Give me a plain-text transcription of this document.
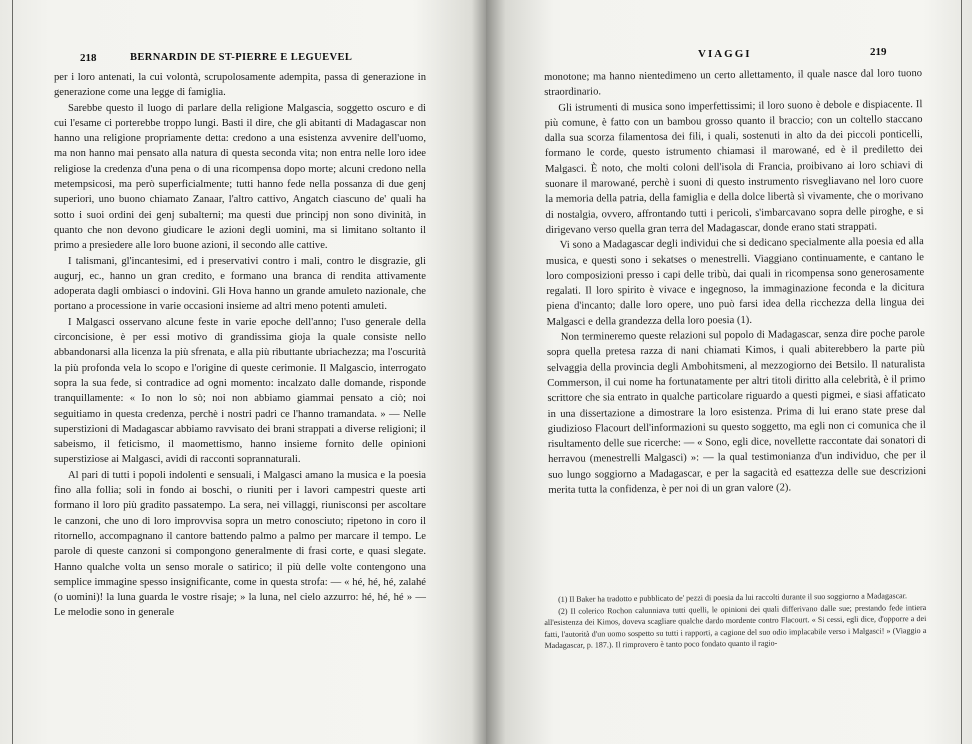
218	BERNARDIN DE ST-PIERRE E LEGUEVEL

per i loro antenati, la cui volontà, scrupolosamente adempita, passa di generazione in generazione come una legge di famiglia.

Sarebbe questo il luogo di parlare della religione Malgascia, soggetto oscuro e di cui l'esame ci porterebbe troppo lungi. Basti il dire, che gli abitanti di Madagascar non hanno una religione propriamente detta: credono a una esistenza avvenire dell'uomo, ma non hanno mai pensato alla natura di questa seconda vita; non entra nelle loro idee religiose la credenza d'una pena o di una ricompensa dopo morte; alcuni credono nella metempsicosi, ma però superficialmente; tutti hanno fede nella possanza di due genj superiori, uno buono chiamato Zanaar, l'altro cattivo, Angatch ciascuno de' quali ha sotto i suoi ordini dei genj subalterni; ma questi due principj non sono divinità, in quanto che non devono giudicare le azioni degli uomini, ma si limitano soltanto il primo a presiedere alle loro buone azioni, il secondo alle cattive.

I talismani, gl'incantesimi, ed i preservativi contro i mali, contro le disgrazie, gli augurj, ec., hanno un gran credito, e formano una branca di rendita attivamente adoperata dagli ombiasci o indovini. Gli Hova hanno un grande amuleto nazionale, che portano a processione in varie occasioni insieme ad altri meno potenti amuleti.

I Malgasci osservano alcune feste in varie epoche dell'anno; l'uso generale della circoncisione, è per essi motivo di grandissima gioja la quale consiste nello abbandonarsi alla licenza la più sfrenata, e alla più ributtante ubriachezza; ma l'oscurità la più profonda vela lo scopo e l'origine di queste cerimonie. Il Malgascio, interrogato sopra la sua fede, si contradice ad ogni momento: incalzato dalle domande, risponde tranquillamente: « Io non lo sò; noi non abbiamo giammai pensato a ciò; noi seguitiamo in questa credenza, perchè i nostri padri ce l'hanno tramandata. » — Nelle superstizioni di Madagascar abbiamo ravvisato dei brani strappati a diverse religioni; il sabeismo, il feticismo, il maomettismo, hanno insieme fornito delle opinioni superstiziose ai Malgasci, avidi di racconti soprannaturali.

Al pari di tutti i popoli indolenti e sensuali, i Malgasci amano la musica e la poesia fino alla follia; soli in fondo ai boschi, o riuniti per i lavori campestri queste arti formano il loro più gradito passatempo. La sera, nei villaggi, riunisconsi per ascoltare le canzoni, che uno di loro improvvisa sopra un metro conosciuto; ripetono in coro il ritornello, accompagnano il cantore battendo palmo a palmo per marcare il tempo. Le parole di queste canzoni si compongono generalmente di frasi corte, e quasi slegate. Hanno qualche volta un senso morale o satirico; il più delle volte contengono una semplice immagine spesso insignificante, come in questa strofa: — « hé, hé, hé, zalahé (o uomini)! la luna guarda le vostre risaje; » la luna, nel cielo azzurro: hé, hé, hé » — Le melodie sono in generale

VIAGGI	219

monotone; ma hanno nientedimeno un certo allettamento, il quale nasce dal loro tuono straordinario.

Gli istrumenti di musica sono imperfettissimi; il loro suono è debole e dispiacente. Il più comune, è fatto con un bambou grosso quanto il braccio; con un coltello staccano dalla sua scorza filamentosa dei fili, i quali, sostenuti in alto da dei piccoli ponticelli, formano le corde, questo istrumento chiamasi il marowané, ed è il prediletto dei Malgasci. È noto, che molti coloni dell'isola di Francia, proibivano ai loro schiavi di suonare il marowané, perchè i suoni di questo instrumento risvegliavano nel loro cuore la memoria della patria, della famiglia e della dolce libertà sì vivamente, che o morivano di nostalgia, ovvero, affrontando tutti i pericoli, s'imbarcavano sopra delle piroghe, e si dirigevano verso quella gran terra del Madagascar, donde erano stati strappati.

Vi sono a Madagascar degli individui che si dedicano specialmente alla poesia ed alla musica, e questi sono i sekatses o menestrelli. Viaggiano continuamente, e cantano le loro composizioni presso i capi delle tribù, dai quali in ricompensa sono generosamente regalati. Il loro spirito è vivace e ingegnoso, la immaginazione feconda e la dicitura piena d'incanto; dalle loro opere, uno può farsi idea della ricchezza della lingua dei Malgasci e della grandezza della loro poesia (1).

Non termineremo queste relazioni sul popolo di Madagascar, senza dire poche parole sopra quella pretesa razza di nani chiamati Kimos, i quali abiterebbero la parte più selvaggia della provincia degli Ambohitsmeni, al mezzogiorno dei Betsilo. Il naturalista Commerson, il cui nome ha fortunatamente per altri titoli diritto alla celebrità, è il primo scrittore che sia entrato in qualche particolare riguardo a questi pigmei, e siasi affaticato in una dissertazione a dimostrare la loro esistenza. Prima di lui erano state prese dal giudizioso Flacourt dell'informazioni su questo soggetto, ma egli non ci comunica che il risultamento delle sue ricerche: — « Sono, egli dice, novellette raccontate dai sonatori di herravou (menestrelli Malgasci) »: — la qual testimonianza d'un individuo, che per il suo lungo soggiorno a Madagascar, e per la sagacità ed esattezza delle sue descrizioni merita tutta la confidenza, è per noi di un gran valore (2).

(1) Il Baker ha tradotto e pubblicato de' pezzi di poesia da lui raccolti durante il suo soggiorno a Madagascar.

(2) Il colerico Rochon calunniava tutti quelli, le opinioni dei quali differivano dalle sue; prestando fede intiera all'esistenza dei Kimos, doveva scagliare qualche dardo mordente contro Flacourt. « Si cessi, egli dice, d'opporre a dei fatti, l'autorità d'un uomo sospetto su tutti i rapporti, a cagione del suo odio implacabile verso i Malgasci! » (Viaggio a Madagascar, p. 187.). Il rimprovero è tanto poco fondato quanto il ragio-
